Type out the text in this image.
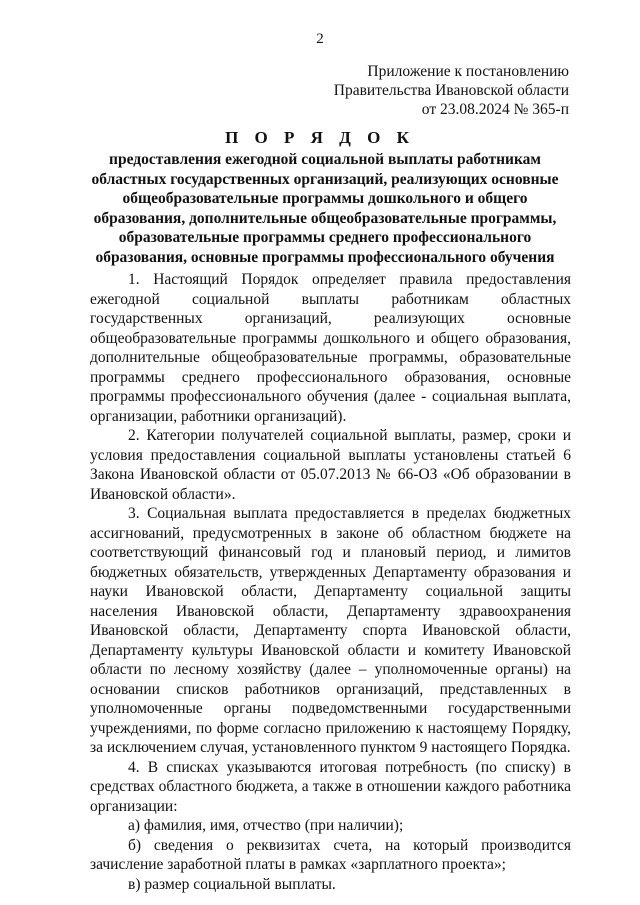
2
Приложение к постановлению
Правительства Ивановской области
от 23.08.2024 № 365-п
П О Р Я Д О К
предоставления ежегодной социальной выплаты работникам областных государственных организаций, реализующих основные общеобразовательные программы дошкольного и общего образования, дополнительные общеобразовательные программы, образовательные программы среднего профессионального образования, основные программы профессионального обучения

1. Настоящий Порядок определяет правила предоставления ежегодной социальной выплаты работникам областных государственных организаций, реализующих основные общеобразовательные программы дошкольного и общего образования, дополнительные общеобразовательные программы, образовательные программы среднего профессионального образования, основные программы профессионального обучения (далее - социальная выплата, организации, работники организаций).

2. Категории получателей социальной выплаты, размер, сроки и условия предоставления социальной выплаты установлены статьей 6 Закона Ивановской области от 05.07.2013 № 66-ОЗ «Об образовании в Ивановской области».

3. Социальная выплата предоставляется в пределах бюджетных ассигнований, предусмотренных в законе об областном бюджете на соответствующий финансовый год и плановый период, и лимитов бюджетных обязательств, утвержденных Департаменту образования и науки Ивановской области, Департаменту социальной защиты населения Ивановской области, Департаменту здравоохранения Ивановской области, Департаменту спорта Ивановской области, Департаменту культуры Ивановской области и комитету Ивановской области по лесному хозяйству (далее – уполномоченные органы) на основании списков работников организаций, представленных в уполномоченные органы подведомственными государственными учреждениями, по форме согласно приложению к настоящему Порядку, за исключением случая, установленного пунктом 9 настоящего Порядка.

4. В списках указываются итоговая потребность (по списку) в средствах областного бюджета, а также в отношении каждого работника организации:

а) фамилия, имя, отчество (при наличии);

б) сведения о реквизитах счета, на который производится зачисление заработной платы в рамках «зарплатного проекта»;

в) размер социальной выплаты.
